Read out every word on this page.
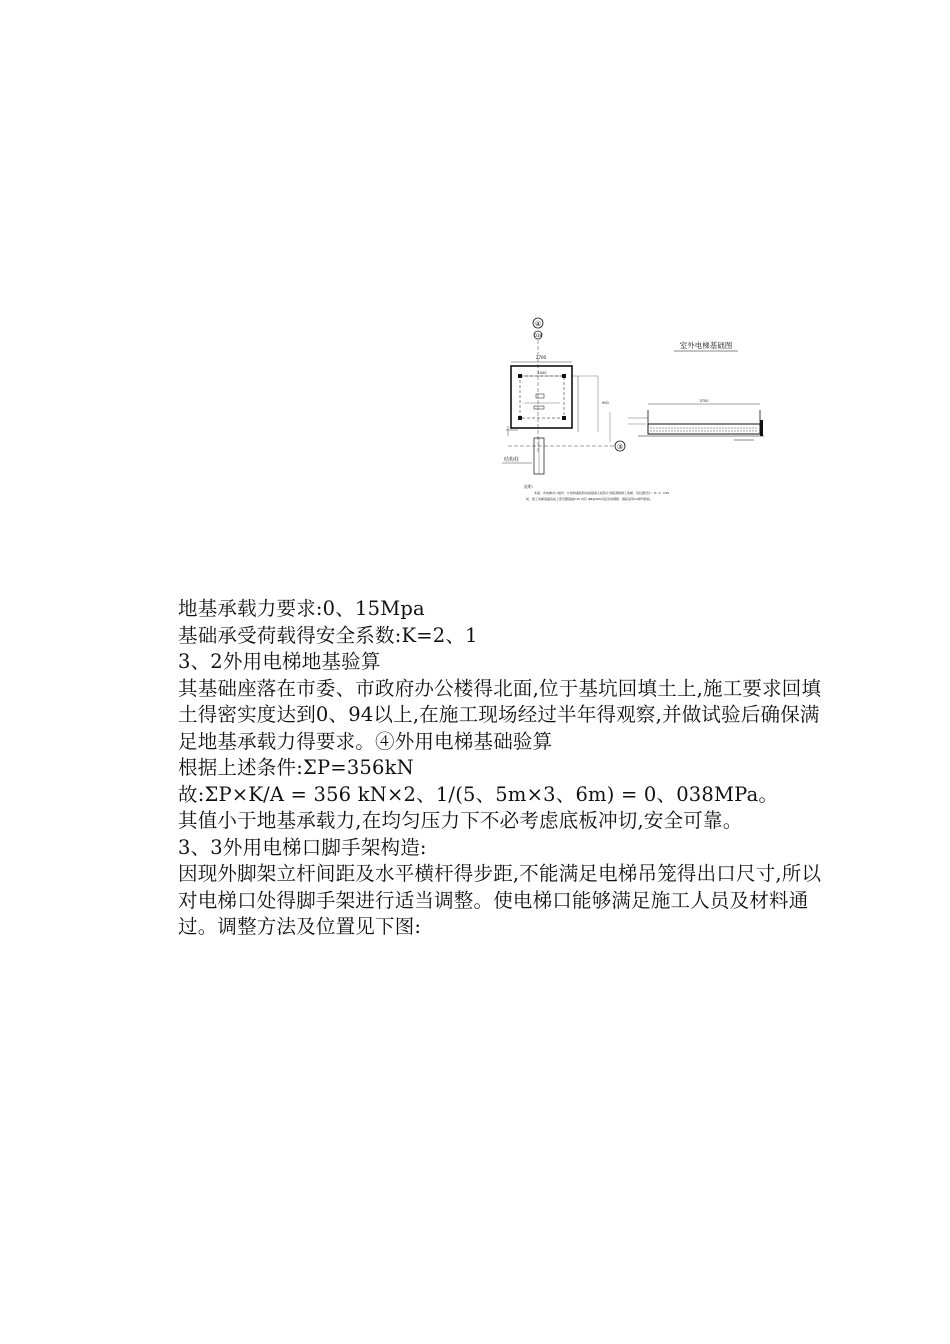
④
D38
2700
1000
900
③
结构柱
室外电梯基础图
3700
说明:
本基、市电梯办公楼外、片结构面板移动板楼基土板垫片浇板洞建施工地梯、其位置设计：D, 1：C25
板、施工电梯基础底板上部设置基础C10 内有 ф8@200双层双向钢筋、模板采用12厚竹胶板。

地基承载力要求:0、15Mpa

基础承受荷载得安全系数:K=2、1

3、2外用电梯地基验算

其基础座落在市委、市政府办公楼得北面,位于基坑回填土上,施工要求回填土得密实度达到0、94以上,在施工现场经过半年得观察,并做试验后确保满足地基承载力得要求。④外用电梯基础验算

根据上述条件:ΣP=356kN

故:ΣP×K/A = 356 kN×2、1/(5、5m×3、6m) = 0、038MPa。

其值小于地基承载力,在均匀压力下不必考虑底板冲切,安全可靠。

3、3外用电梯口脚手架构造:

因现外脚架立杆间距及水平横杆得步距,不能满足电梯吊笼得出口尺寸,所以对电梯口处得脚手架进行适当调整。使电梯口能够满足施工人员及材料通过。调整方法及位置见下图:
